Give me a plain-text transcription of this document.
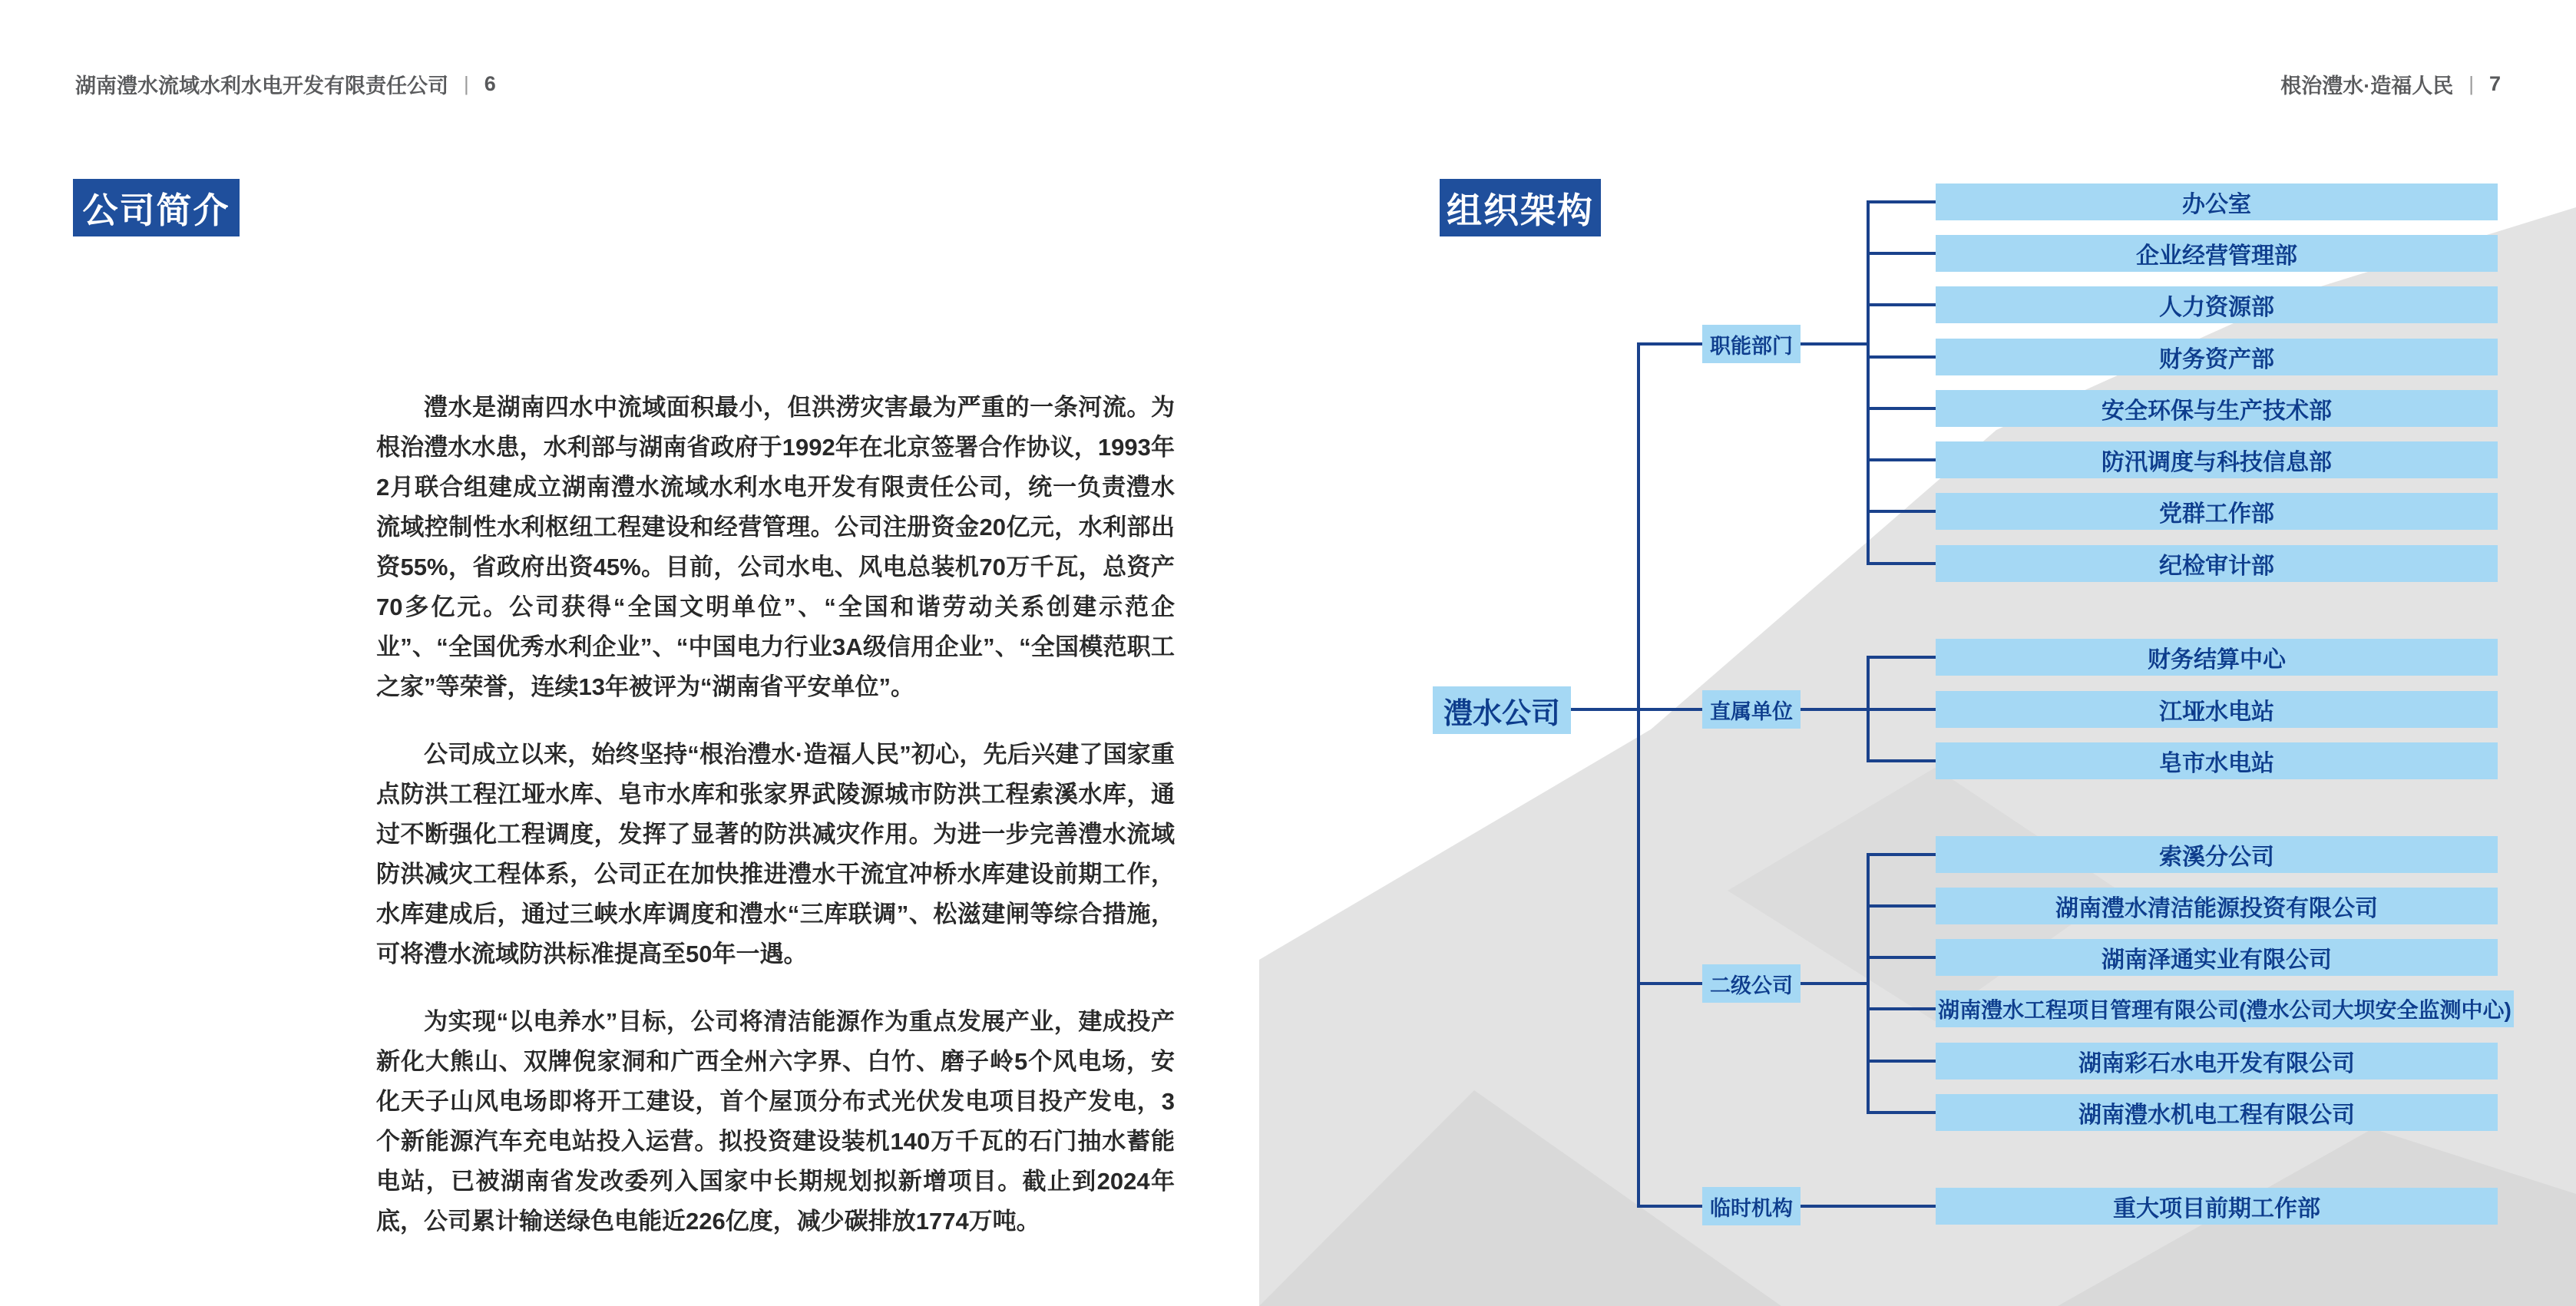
湖南澧水流域水利水电开发有限责任公司 | 6	根治澧水·造福人民 | 7
公司简介

澧水是湖南四水中流域面积最小，但洪涝灾害最为严重的一条河流。为根治澧水水患，水利部与湖南省政府于1992年在北京签署合作协议，1993年2月联合组建成立湖南澧水流域水利水电开发有限责任公司，统一负责澧水流域控制性水利枢纽工程建设和经营管理。公司注册资金20亿元，水利部出资55%，省政府出资45%。目前，公司水电、风电总装机70万千瓦，总资产70多亿元。公司获得“全国文明单位”、“全国和谐劳动关系创建示范企业”、“全国优秀水利企业”、“中国电力行业3A级信用企业”、“全国模范职工之家”等荣誉，连续13年被评为“湖南省平安单位”。

公司成立以来，始终坚持“根治澧水·造福人民”初心，先后兴建了国家重点防洪工程江垭水库、皂市水库和张家界武陵源城市防洪工程索溪水库，通过不断强化工程调度，发挥了显著的防洪减灾作用。为进一步完善澧水流域防洪减灾工程体系，公司正在加快推进澧水干流宜冲桥水库建设前期工作，水库建成后，通过三峡水库调度和澧水“三库联调”、松滋建闸等综合措施，可将澧水流域防洪标准提高至50年一遇。

为实现“以电养水”目标，公司将清洁能源作为重点发展产业，建成投产新化大熊山、双牌倪家洞和广西全州六字界、白竹、磨子岭5个风电场，安化天子山风电场即将开工建设，首个屋顶分布式光伏发电项目投产发电，3个新能源汽车充电站投入运营。拟投资建设装机140万千瓦的石门抽水蓄能电站，已被湖南省发改委列入国家中长期规划拟新增项目。截止到2024年底，公司累计输送绿色电能近226亿度，减少碳排放1774万吨。

组织架构
澧水公司
职能部门
办公室
企业经营管理部
人力资源部
财务资产部
安全环保与生产技术部
防汛调度与科技信息部
党群工作部
纪检审计部
直属单位
财务结算中心
江垭水电站
皂市水电站
二级公司
索溪分公司
湖南澧水清洁能源投资有限公司
湖南泽通实业有限公司
湖南澧水工程项目管理有限公司(澧水公司大坝安全监测中心)
湖南彩石水电开发有限公司
湖南澧水机电工程有限公司
临时机构	重大项目前期工作部
